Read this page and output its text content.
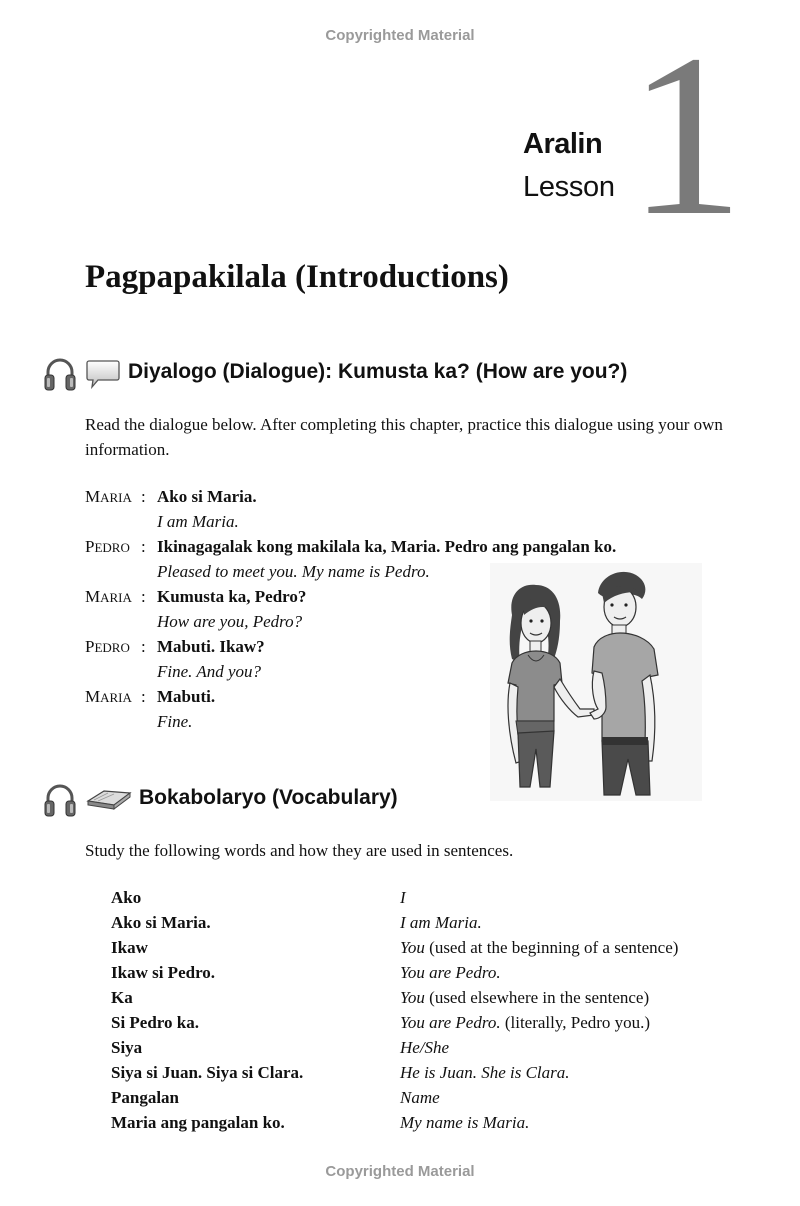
Copyrighted Material 1
Aralin
Lesson
Pagpapakilala (Introductions)
Diyalogo (Dialogue): Kumusta ka? (How are you?)
Read the dialogue below. After completing this chapter, practice this dialogue using your own information.
MARIA : Ako si Maria.
I am Maria.
PEDRO : Ikinagagalak kong makilala ka, Maria. Pedro ang pangalan ko.
Pleased to meet you. My name is Pedro.
MARIA : Kumusta ka, Pedro?
How are you, Pedro?
PEDRO : Mabuti. Ikaw?
Fine. And you?
MARIA : Mabuti.
Fine.
Bokabolaryo (Vocabulary)
Study the following words and how they are used in sentences.
Ako	I
Ako si Maria.	I am Maria.
Ikaw	You (used at the beginning of a sentence)
Ikaw si Pedro.	You are Pedro.
Ka	You (used elsewhere in the sentence)
Si Pedro ka.	You are Pedro. (literally, Pedro you.)
Siya	He/She
Siya si Juan. Siya si Clara.	He is Juan. She is Clara.
Pangalan	Name
Maria ang pangalan ko.	My name is Maria.
Copyrighted Material
